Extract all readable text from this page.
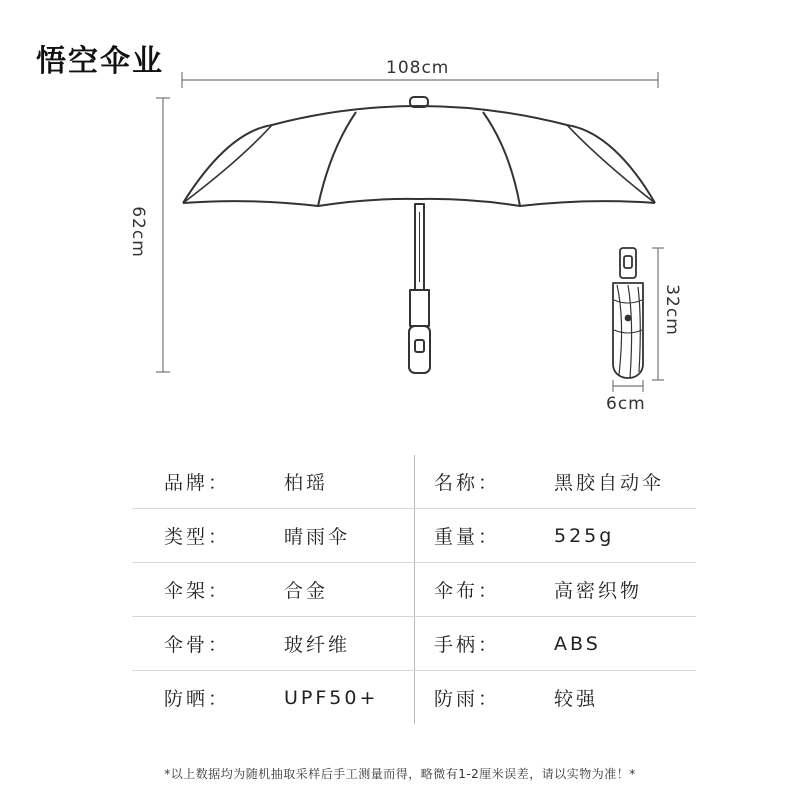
悟空伞业	108cm
62cm
32cm
6cm
品牌：	柏瑶	名称：	黑胶自动伞
类型：	晴雨伞	重量：	525g
伞架：	合金	伞布：	高密织物
伞骨：	玻纤维	手柄：	ABS
防晒：	UPF50+	防雨：	较强
*以上数据均为随机抽取采样后手工测量而得，略微有1-2厘米误差，请以实物为准！*
